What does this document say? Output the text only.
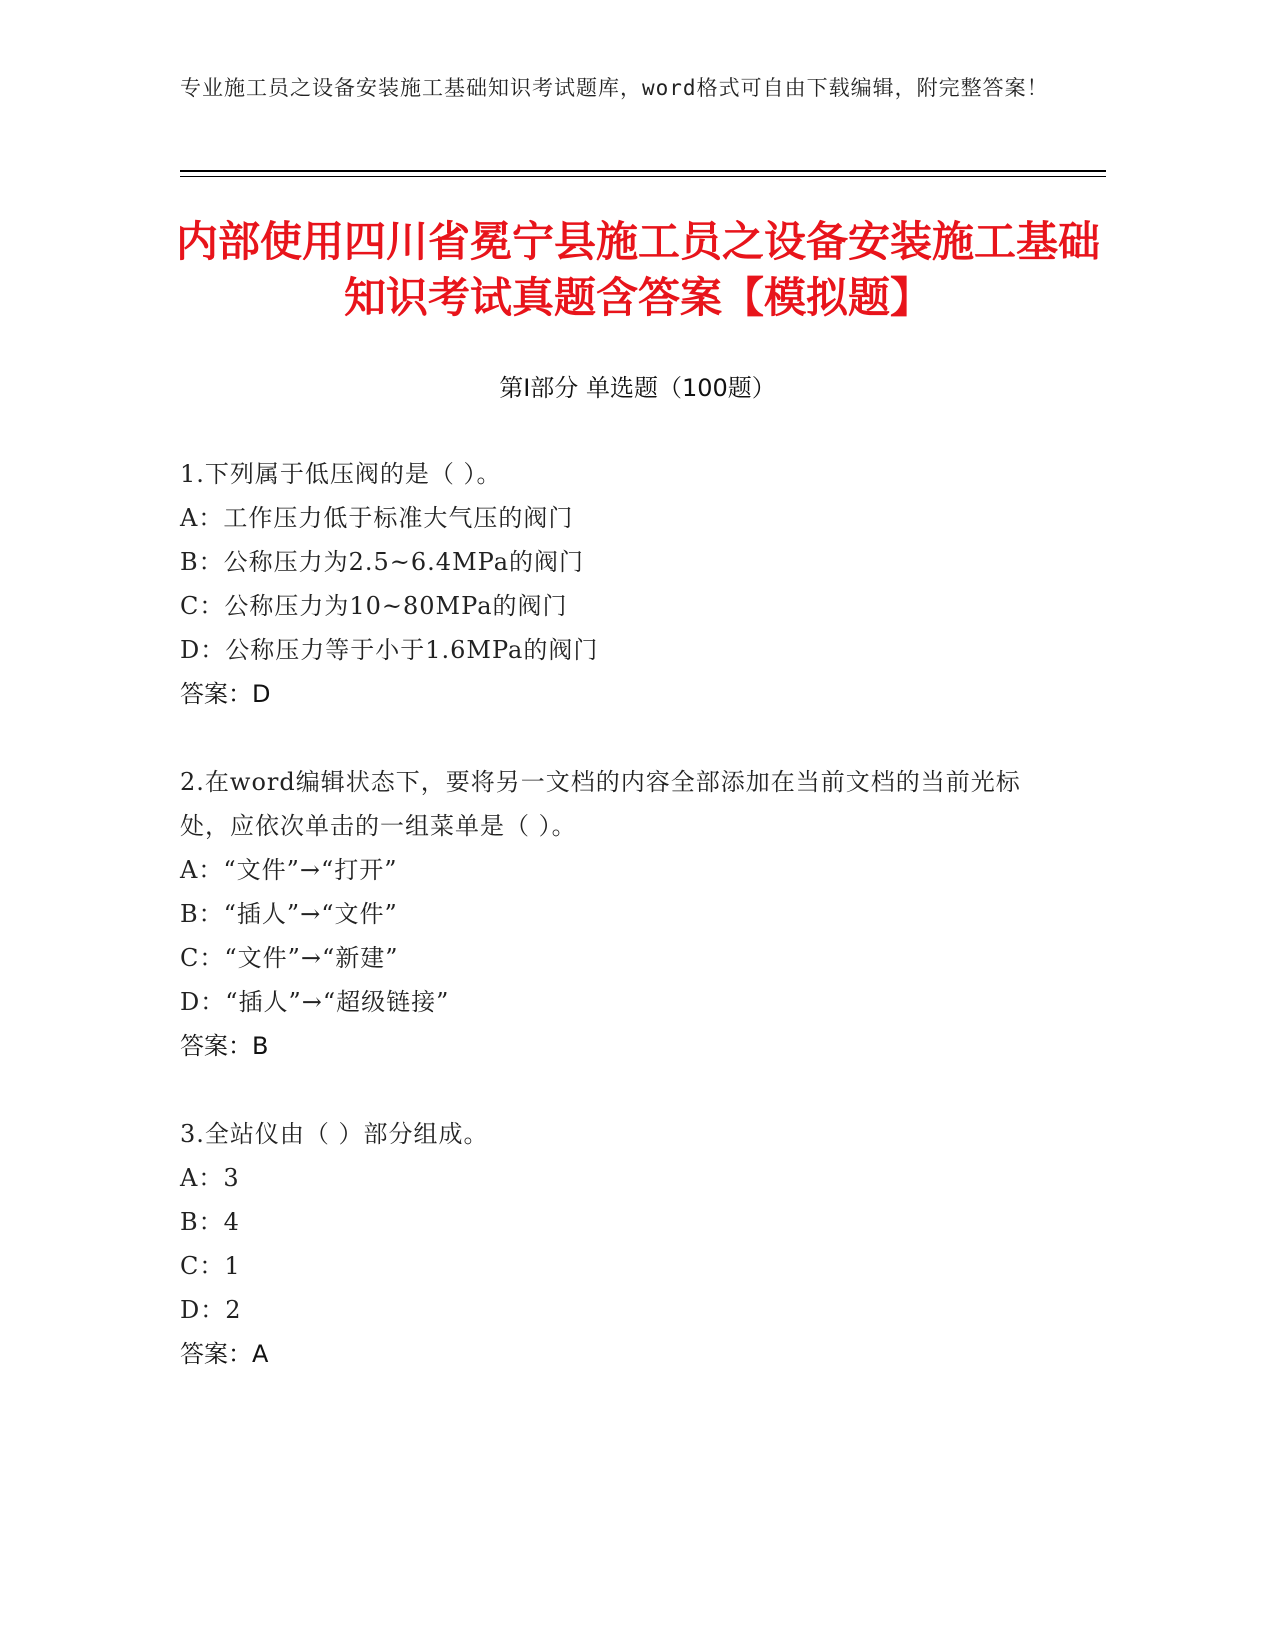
专业施工员之设备安装施工基础知识考试题库，word格式可自由下载编辑，附完整答案！
内部使用四川省冕宁县施工员之设备安装施工基础知识考试真题含答案【模拟题】
第Ⅰ部分 单选题（100题）
1.下列属于低压阀的是（ ）。
A：工作压力低于标准大气压的阀门
B：公称压力为2.5~6.4MPa的阀门
C：公称压力为10~80MPa的阀门
D：公称压力等于小于1.6MPa的阀门
答案：D
2.在word编辑状态下，要将另一文档的内容全部添加在当前文档的当前光标处，应依次单击的一组菜单是（ ）。
A：“文件”→“打开”
B：“插人”→“文件”
C：“文件”→“新建”
D：“插人”→“超级链接”
答案：B
3.全站仪由（ ）部分组成。
A：3
B：4
C：1
D：2
答案：A
